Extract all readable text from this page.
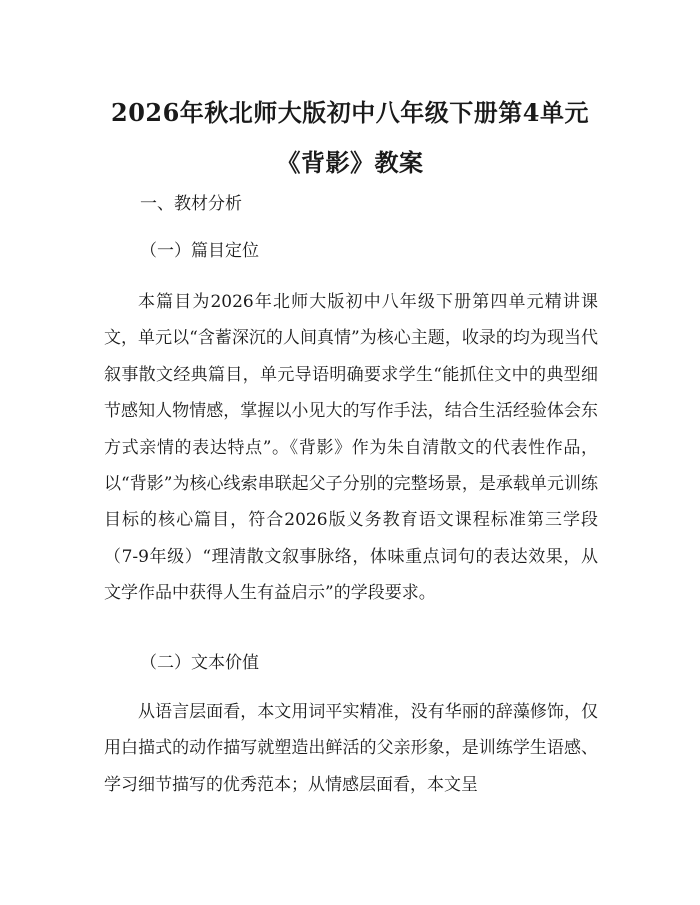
2026年秋北师大版初中八年级下册第4单元
《背影》教案

一、教材分析

（一）篇目定位

本篇目为2026年北师大版初中八年级下册第四单元精讲课文，单元以“含蓄深沉的人间真情”为核心主题，收录的均为现当代叙事散文经典篇目，单元导语明确要求学生“能抓住文中的典型细节感知人物情感，掌握以小见大的写作手法，结合生活经验体会东方式亲情的表达特点”。《背影》作为朱自清散文的代表性作品，以“背影”为核心线索串联起父子分别的完整场景，是承载单元训练目标的核心篇目，符合2026版义务教育语文课程标准第三学段（7-9年级）“理清散文叙事脉络，体味重点词句的表达效果，从文学作品中获得人生有益启示”的学段要求。

（二）文本价值

从语言层面看，本文用词平实精准，没有华丽的辞藻修饰，仅用白描式的动作描写就塑造出鲜活的父亲形象，是训练学生语感、学习细节描写的优秀范本；从情感层面看，本文呈
